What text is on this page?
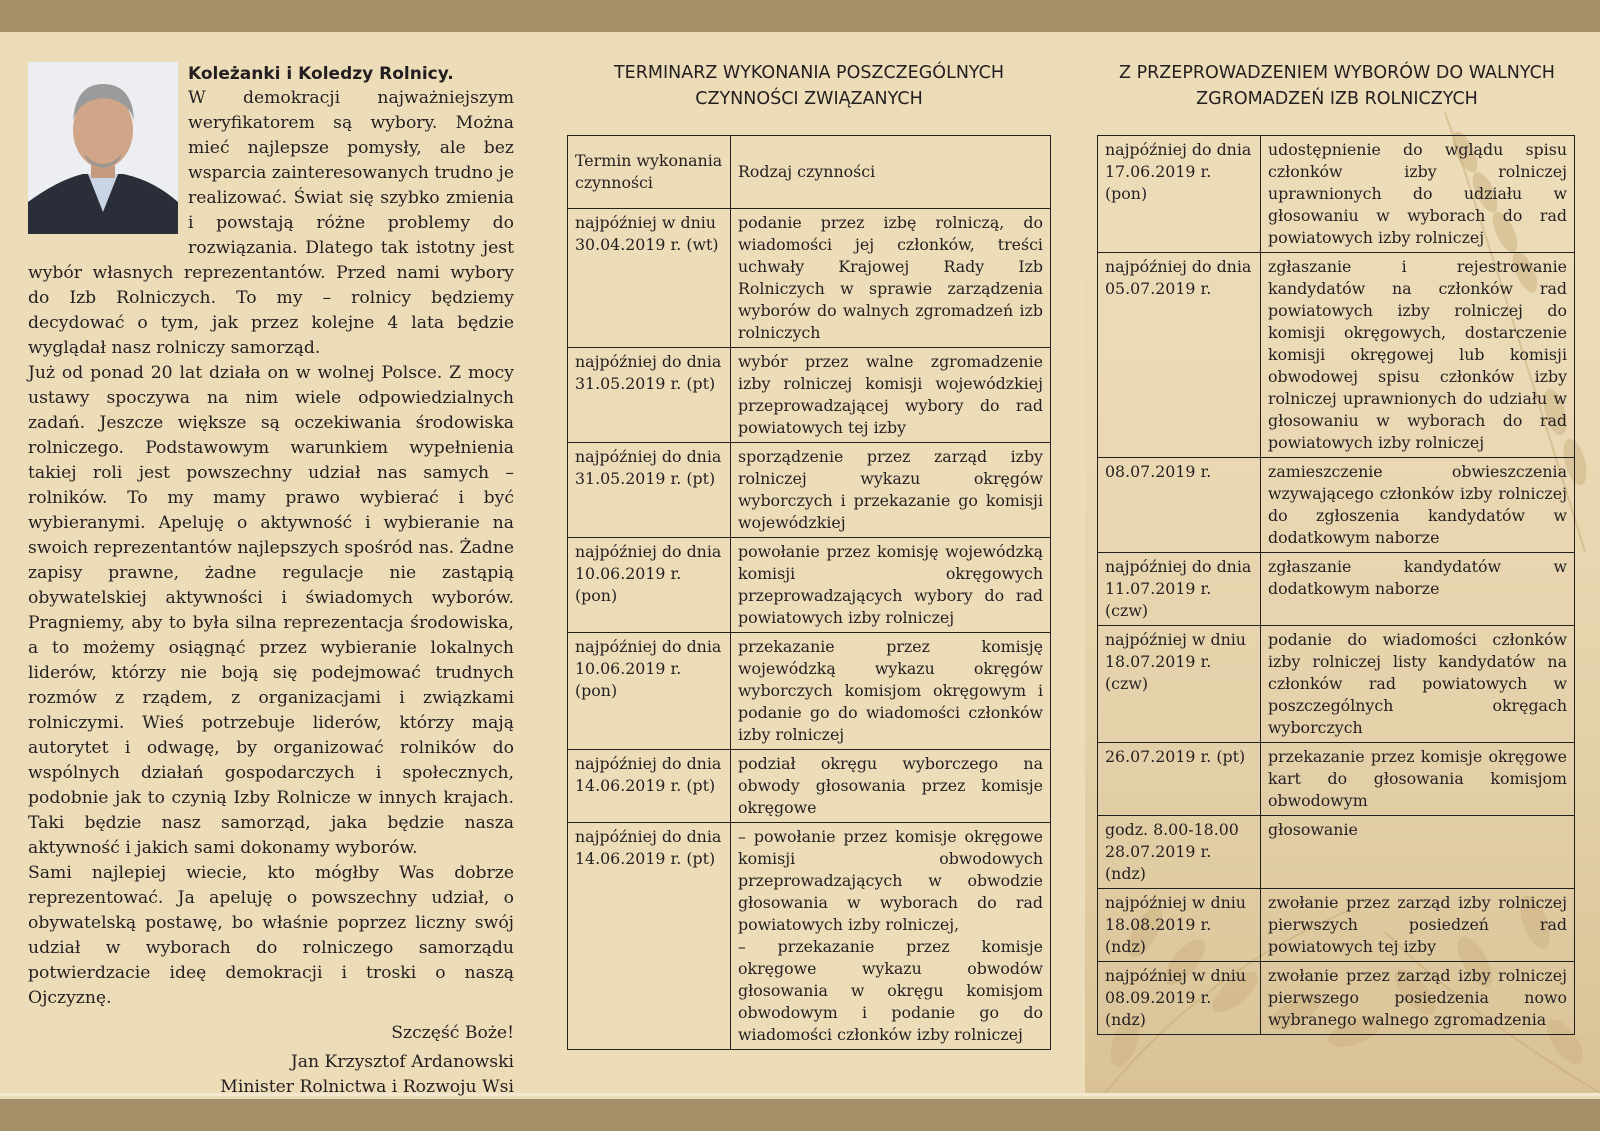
Koleżanki i Koledzy Rolnicy.

W demokracji najważniejszym weryfikatorem są wybory. Można mieć najlepsze pomysły, ale bez wsparcia zainteresowanych trudno je realizować. Świat się szybko zmienia i powstają różne problemy do rozwiązania. Dlatego tak istotny jest wybór własnych reprezentantów. Przed nami wybory do Izb Rolniczych. To my – rolnicy będziemy decydować o tym, jak przez kolejne 4 lata będzie wyglądał nasz rolniczy samorząd.

Już od ponad 20 lat działa on w wolnej Polsce. Z mocy ustawy spoczywa na nim wiele odpowiedzialnych zadań. Jeszcze większe są oczekiwania środowiska rolniczego. Podstawowym warunkiem wypełnienia takiej roli jest powszechny udział nas samych – rolników. To my mamy prawo wybierać i być wybieranymi. Apeluję o aktywność i wybieranie na swoich reprezentantów najlepszych spośród nas. Żadne zapisy prawne, żadne regulacje nie zastąpią obywatelskiej aktywności i świadomych wyborów. Pragniemy, aby to była silna reprezentacja środowiska, a to możemy osiągnąć przez wybieranie lokalnych liderów, którzy nie boją się podejmować trudnych rozmów z rządem, z organizacjami i związkami rolniczymi. Wieś potrzebuje liderów, którzy mają autorytet i odwagę, by organizować rolników do wspólnych działań gospodarczych i społecznych, podobnie jak to czynią Izby Rolnicze w innych krajach. Taki będzie nasz samorząd, jaka będzie nasza aktywność i jakich sami dokonamy wyborów.

Sami najlepiej wiecie, kto mógłby Was dobrze reprezentować. Ja apeluję o powszechny udział, o obywatelską postawę, bo właśnie poprzez liczny swój udział w wyborach do rolniczego samorządu potwierdzacie ideę demokracji i troski o naszą Ojczyznę.

Szczęść Boże!

Jan Krzysztof Ardanowski

Minister Rolnictwa i Rozwoju Wsi

TERMINARZ WYKONANIA POSZCZEGÓLNYCH
CZYNNOŚCI ZWIĄZANYCH
Termin wykonania czynności	Rodzaj czynności
najpóźniej w dniu 30.04.2019 r. (wt)	podanie przez izbę rolniczą, do wiadomości jej członków, treści uchwały Krajowej Rady Izb Rolniczych w sprawie zarządzenia wyborów do walnych zgromadzeń izb rolniczych
najpóźniej do dnia 31.05.2019 r. (pt)	wybór przez walne zgromadzenie izby rolniczej komisji wojewódzkiej przeprowadzającej wybory do rad powiatowych tej izby
najpóźniej do dnia 31.05.2019 r. (pt)	sporządzenie przez zarząd izby rolniczej wykazu okręgów wyborczych i przekazanie go komisji wojewódzkiej
najpóźniej do dnia 10.06.2019 r. (pon)	powołanie przez komisję wojewódzką komisji okręgowych przeprowadzających wybory do rad powiatowych izby rolniczej
najpóźniej do dnia 10.06.2019 r. (pon)	przekazanie przez komisję wojewódzką wykazu okręgów wyborczych komisjom okręgowym i podanie go do wiadomości członków izby rolniczej
najpóźniej do dnia 14.06.2019 r. (pt)	podział okręgu wyborczego na obwody głosowania przez komisje okręgowe
najpóźniej do dnia 14.06.2019 r. (pt)	– powołanie przez komisje okręgowe komisji obwodowych przeprowadzających w obwodzie głosowania w wyborach do rad powiatowych izby rolniczej,
– przekazanie przez komisje okręgowe wykazu obwodów głosowania w okręgu komisjom obwodowym i podanie go do wiadomości członków izby rolniczej
Z PRZEPROWADZENIEM WYBORÓW DO WALNYCH
ZGROMADZEŃ IZB ROLNICZYCH
najpóźniej do dnia 17.06.2019 r. (pon)	udostępnienie do wglądu spisu członków izby rolniczej uprawnionych do udziału w głosowaniu w wyborach do rad powiatowych izby rolniczej
najpóźniej do dnia 05.07.2019 r.	zgłaszanie i rejestrowanie kandydatów na członków rad powiatowych izby rolniczej do komisji okręgowych, dostarczenie komisji okręgowej lub komisji obwodowej spisu członków izby rolniczej uprawnionych do udziału w głosowaniu w wyborach do rad powiatowych izby rolniczej
08.07.2019 r.	zamieszczenie obwieszczenia wzywającego członków izby rolniczej do zgłoszenia kandydatów w dodatkowym naborze
najpóźniej do dnia 11.07.2019 r. (czw)	zgłaszanie kandydatów w dodatkowym naborze
najpóźniej w dniu 18.07.2019 r. (czw)	podanie do wiadomości członków izby rolniczej listy kandydatów na członków rad powiatowych w poszczególnych okręgach wyborczych
26.07.2019 r. (pt)	przekazanie przez komisje okręgowe kart do głosowania komisjom obwodowym
godz. 8.00-18.00 28.07.2019 r. (ndz)	głosowanie
najpóźniej w dniu 18.08.2019 r. (ndz)	zwołanie przez zarząd izby rolniczej pierwszych posiedzeń rad powiatowych tej izby
najpóźniej w dniu 08.09.2019 r. (ndz)	zwołanie przez zarząd izby rolniczej pierwszego posiedzenia nowo wybranego walnego zgromadzenia
